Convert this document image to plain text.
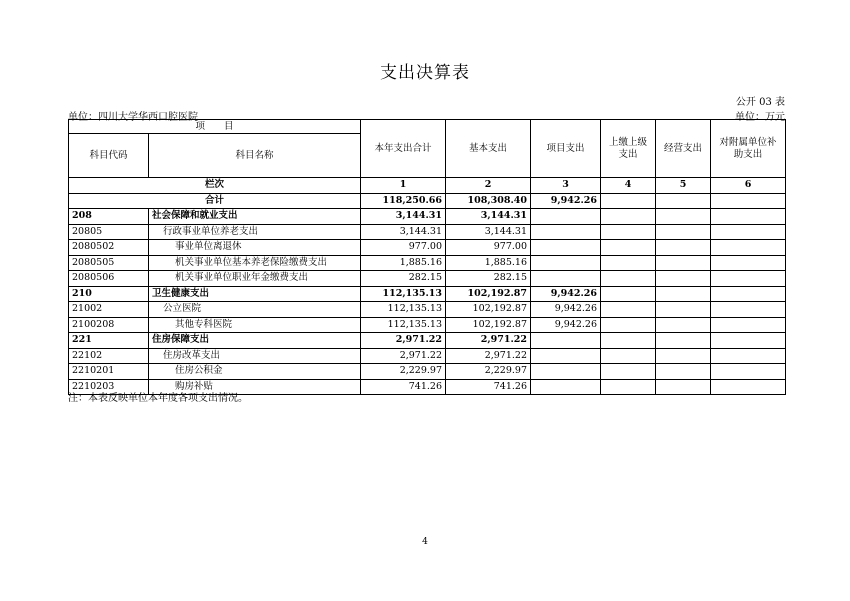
支出决算表
公开 03 表
单位：四川大学华西口腔医院	单位：万元
项　　目		本年支出合计	基本支出	项目支出	上缴上级支出	经营支出	对附属单位补助支出
科目代码	科目名称						
栏次		1	2	3	4	5	6
合计		118,250.66	108,308.40	9,942.26			
208	社会保障和就业支出	3,144.31	3,144.31				
20805	行政事业单位养老支出	3,144.31	3,144.31				
2080502	事业单位离退休	977.00	977.00				
2080505	机关事业单位基本养老保险缴费支出	1,885.16	1,885.16				
2080506	机关事业单位职业年金缴费支出	282.15	282.15				
210	卫生健康支出	112,135.13	102,192.87	9,942.26			
21002	公立医院	112,135.13	102,192.87	9,942.26			
2100208	其他专科医院	112,135.13	102,192.87	9,942.26			
221	住房保障支出	2,971.22	2,971.22				
22102	住房改革支出	2,971.22	2,971.22				
2210201	住房公积金	2,229.97	2,229.97				
2210203	购房补贴	741.26	741.26				
注：本表反映单位本年度各项支出情况。
4
